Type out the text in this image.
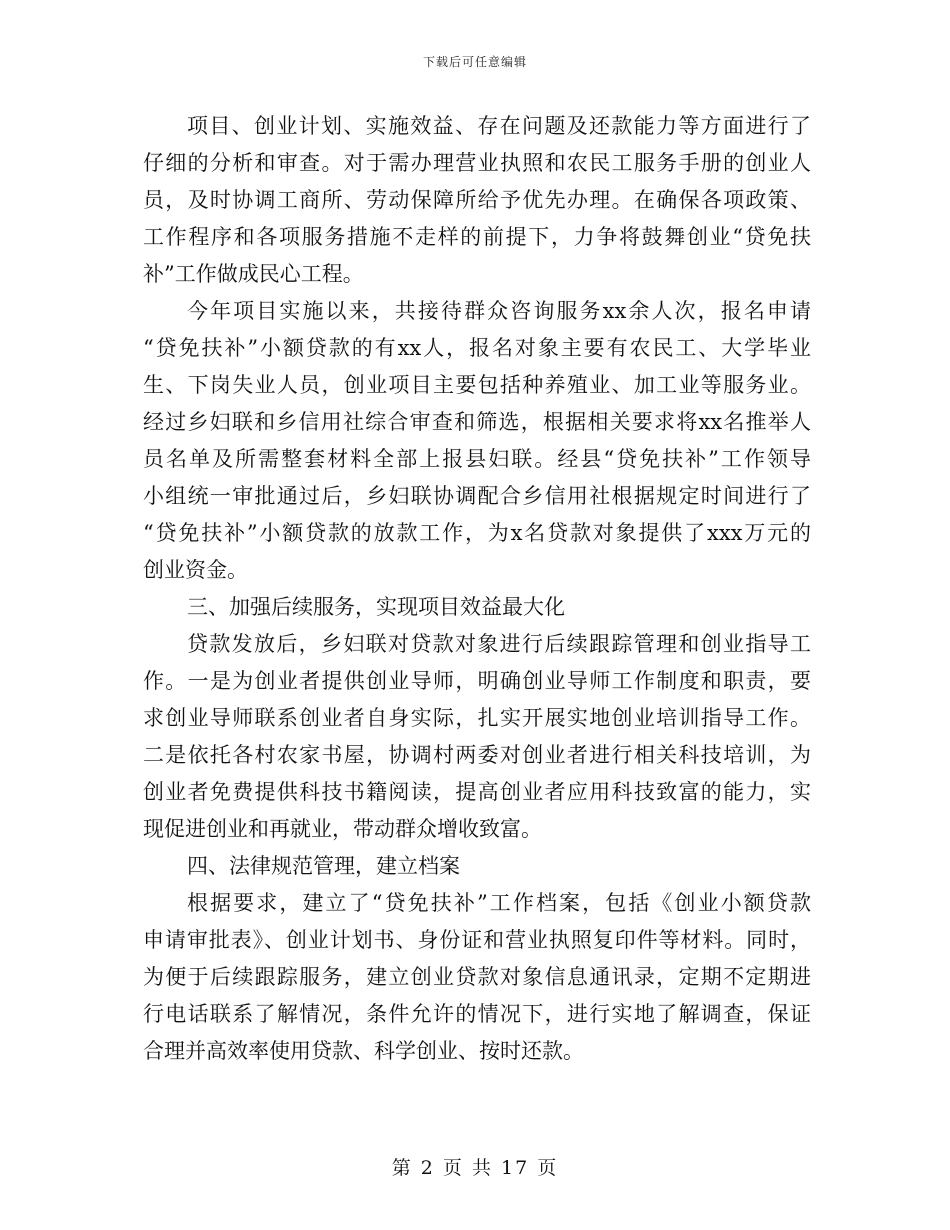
下载后可任意编辑
项目、创业计划、实施效益、存在问题及还款能力等方面进行了
仔细的分析和审查。对于需办理营业执照和农民工服务手册的创业人
员，及时协调工商所、劳动保障所给予优先办理。在确保各项政策、
工作程序和各项服务措施不走样的前提下，力争将鼓舞创业“贷免扶
补”工作做成民心工程。
今年项目实施以来，共接待群众咨询服务xx余人次，报名申请
“贷免扶补”小额贷款的有xx人，报名对象主要有农民工、大学毕业
生、下岗失业人员，创业项目主要包括种养殖业、加工业等服务业。
经过乡妇联和乡信用社综合审查和筛选，根据相关要求将xx名推举人
员名单及所需整套材料全部上报县妇联。经县“贷免扶补”工作领导
小组统一审批通过后，乡妇联协调配合乡信用社根据规定时间进行了
“贷免扶补”小额贷款的放款工作，为x名贷款对象提供了xxx万元的
创业资金。
三、加强后续服务，实现项目效益最大化
贷款发放后，乡妇联对贷款对象进行后续跟踪管理和创业指导工
作。一是为创业者提供创业导师，明确创业导师工作制度和职责，要
求创业导师联系创业者自身实际，扎实开展实地创业培训指导工作。
二是依托各村农家书屋，协调村两委对创业者进行相关科技培训，为
创业者免费提供科技书籍阅读，提高创业者应用科技致富的能力，实
现促进创业和再就业，带动群众增收致富。
四、法律规范管理，建立档案
根据要求，建立了“贷免扶补”工作档案，包括《创业小额贷款
申请审批表》、创业计划书、身份证和营业执照复印件等材料。同时，
为便于后续跟踪服务，建立创业贷款对象信息通讯录，定期不定期进
行电话联系了解情况，条件允许的情况下，进行实地了解调查，保证
合理并高效率使用贷款、科学创业、按时还款。
第 2 页 共 17 页
